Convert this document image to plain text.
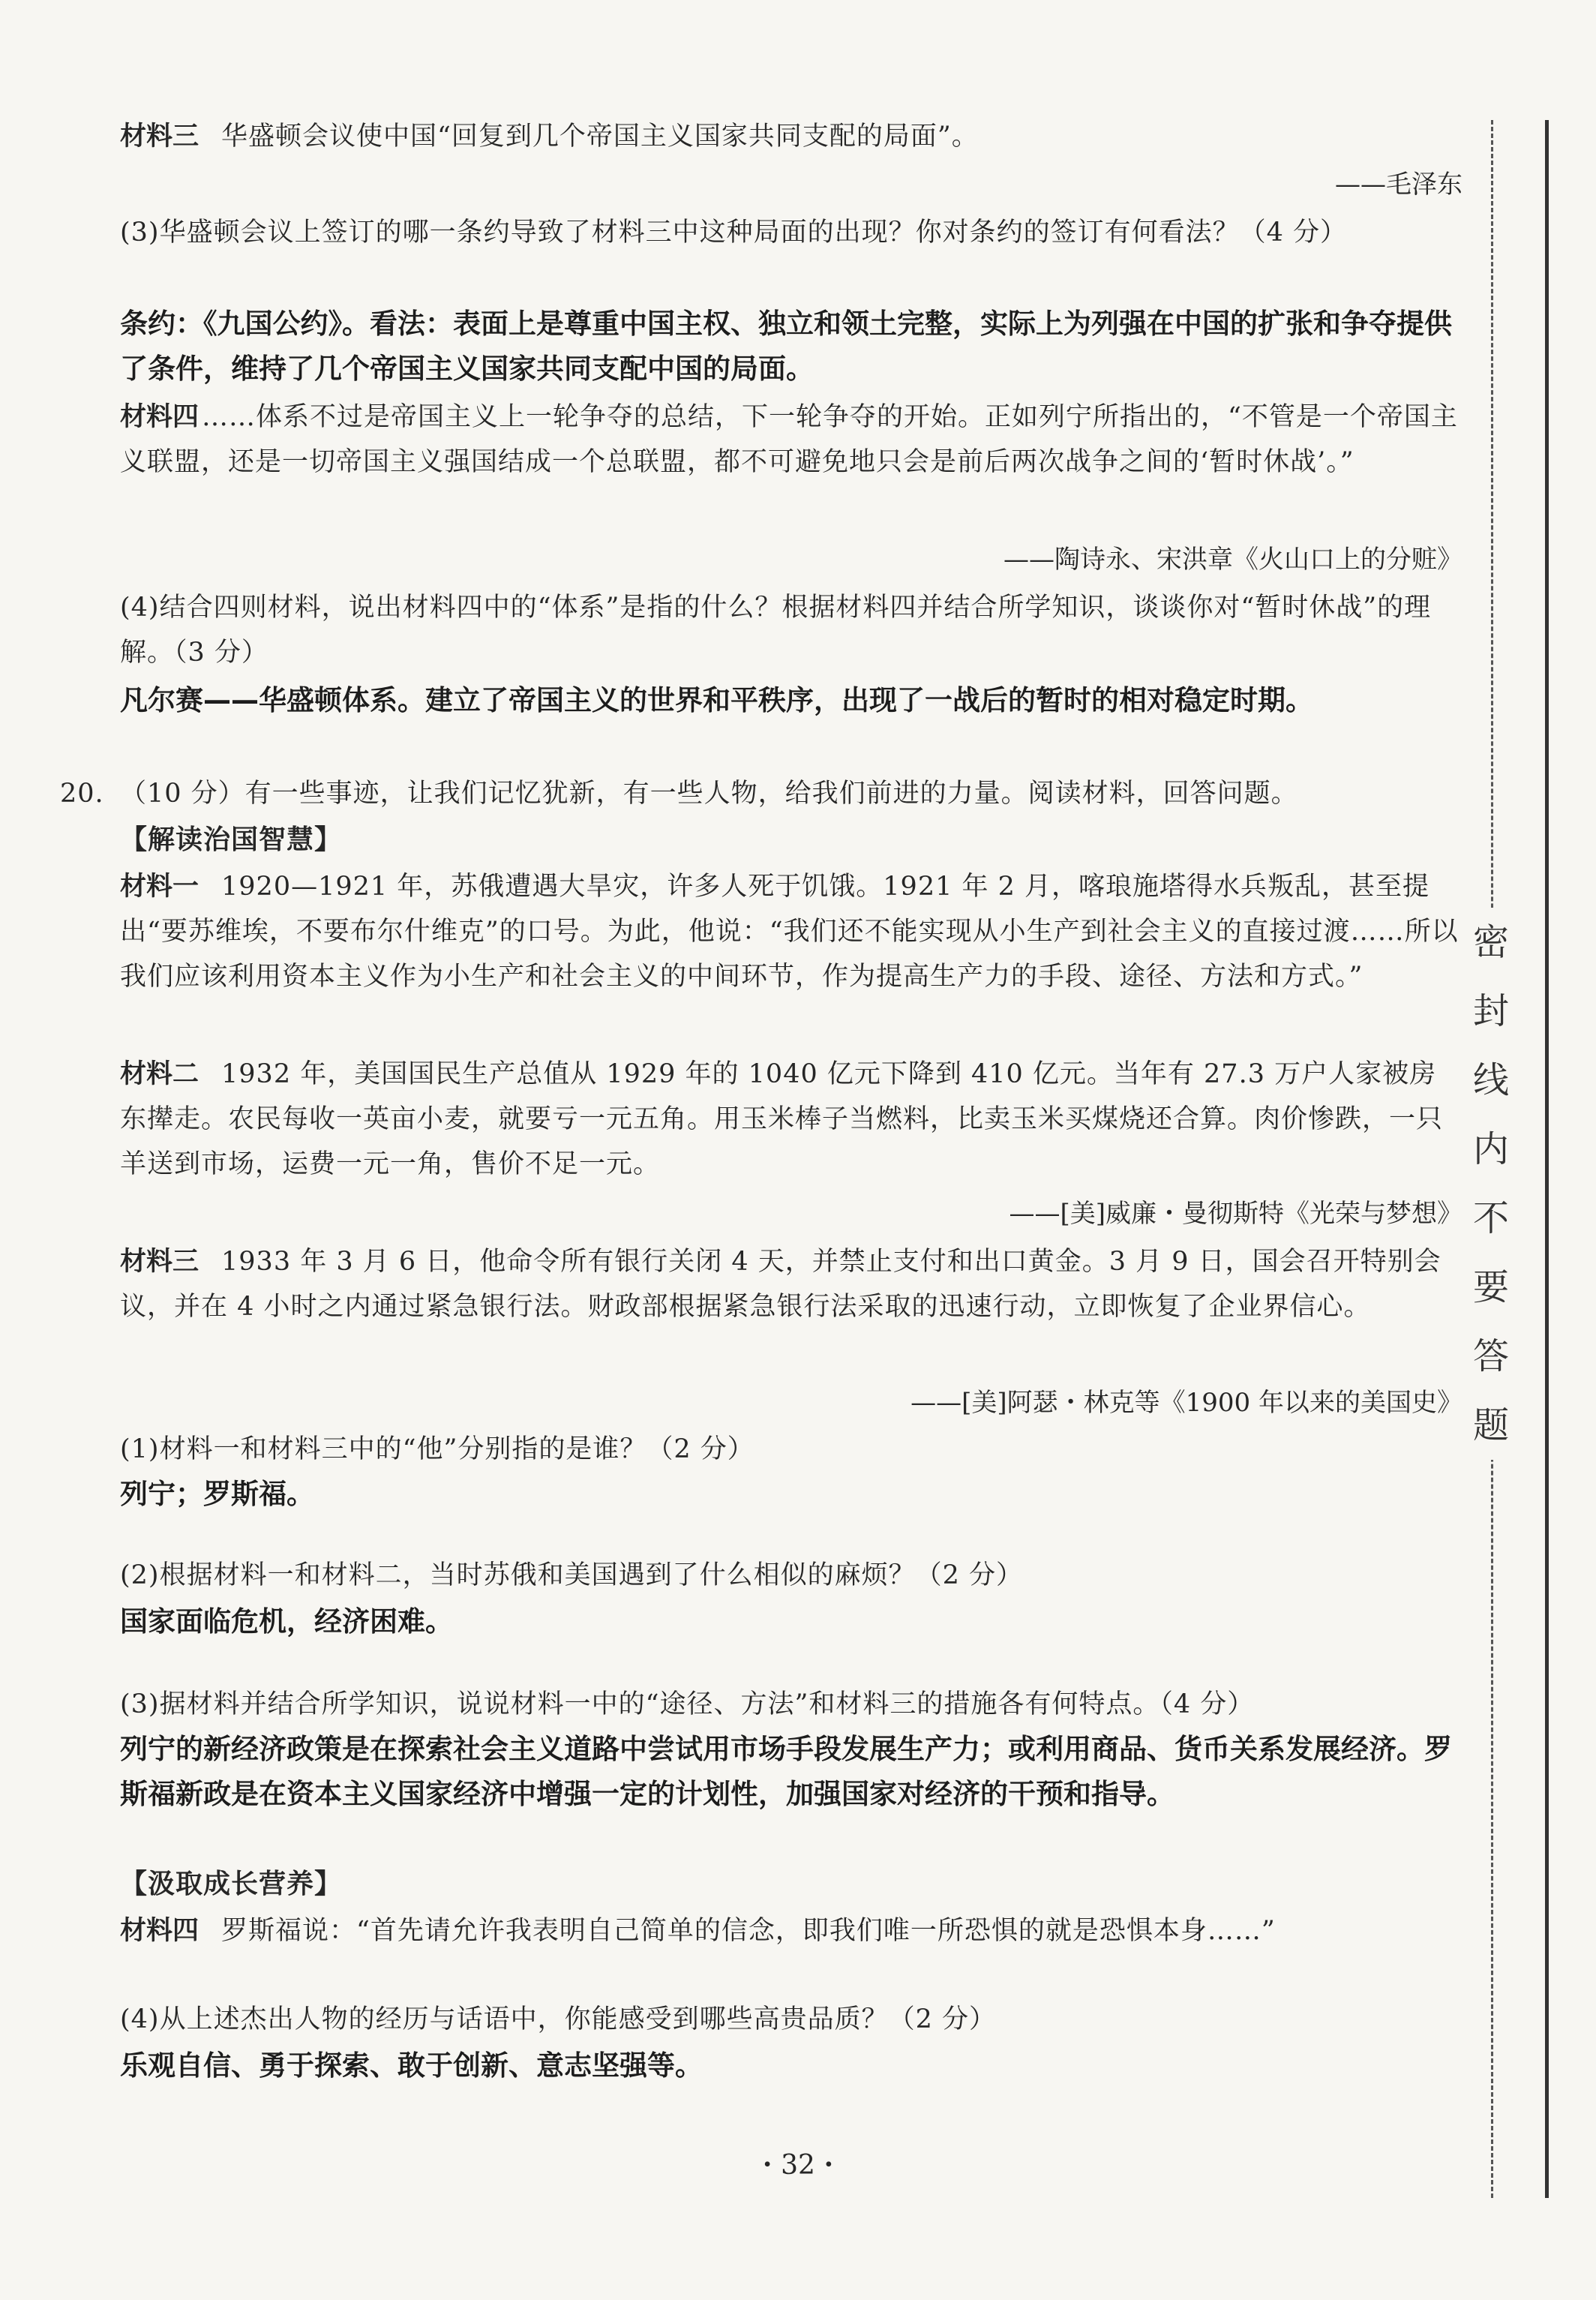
材料三 华盛顿会议使中国“回复到几个帝国主义国家共同支配的局面”。
——毛泽东
(3)华盛顿会议上签订的哪一条约导致了材料三中这种局面的出现？你对条约的签订有何看法？（4 分）
条约：《九国公约》。看法：表面上是尊重中国主权、独立和领土完整，实际上为列强在中国的扩张和争夺提供了条件，维持了几个帝国主义国家共同支配中国的局面。
材料四 ……体系不过是帝国主义上一轮争夺的总结，下一轮争夺的开始。正如列宁所指出的，“不管是一个帝国主义联盟，还是一切帝国主义强国结成一个总联盟，都不可避免地只会是前后两次战争之间的‘暂时休战’。”
——陶诗永、宋洪章《火山口上的分赃》
(4)结合四则材料，说出材料四中的“体系”是指的什么？根据材料四并结合所学知识，谈谈你对“暂时休战”的理解。（3 分）
凡尔赛——华盛顿体系。建立了帝国主义的世界和平秩序，出现了一战后的暂时的相对稳定时期。
20. （10 分）有一些事迹，让我们记忆犹新，有一些人物，给我们前进的力量。阅读材料，回答问题。
【解读治国智慧】
材料一 1920—1921 年，苏俄遭遇大旱灾，许多人死于饥饿。1921 年 2 月，喀琅施塔得水兵叛乱，甚至提出“要苏维埃，不要布尔什维克”的口号。为此，他说：“我们还不能实现从小生产到社会主义的直接过渡……所以我们应该利用资本主义作为小生产和社会主义的中间环节，作为提高生产力的手段、途径、方法和方式。”
材料二 1932 年，美国国民生产总值从 1929 年的 1040 亿元下降到 410 亿元。当年有 27.3 万户人家被房东撵走。农民每收一英亩小麦，就要亏一元五角。用玉米棒子当燃料，比卖玉米买煤烧还合算。肉价惨跌，一只羊送到市场，运费一元一角，售价不足一元。
——[美]威廉・曼彻斯特《光荣与梦想》
材料三 1933 年 3 月 6 日，他命令所有银行关闭 4 天，并禁止支付和出口黄金。3 月 9 日，国会召开特别会议，并在 4 小时之内通过紧急银行法。财政部根据紧急银行法采取的迅速行动，立即恢复了企业界信心。
——[美]阿瑟・林克等《1900 年以来的美国史》
(1)材料一和材料三中的“他”分别指的是谁？（2 分）
列宁；罗斯福。
(2)根据材料一和材料二，当时苏俄和美国遇到了什么相似的麻烦？（2 分）
国家面临危机，经济困难。
(3)据材料并结合所学知识，说说材料一中的“途径、方法”和材料三的措施各有何特点。（4 分）
列宁的新经济政策是在探索社会主义道路中尝试用市场手段发展生产力；或利用商品、货币关系发展经济。罗斯福新政是在资本主义国家经济中增强一定的计划性，加强国家对经济的干预和指导。
【汲取成长营养】
材料四 罗斯福说：“首先请允许我表明自己简单的信念，即我们唯一所恐惧的就是恐惧本身……”
(4)从上述杰出人物的经历与话语中，你能感受到哪些高贵品质？（2 分）
乐观自信、勇于探索、敢于创新、意志坚强等。
密
封
线
内
不
要
答
题
・32・
